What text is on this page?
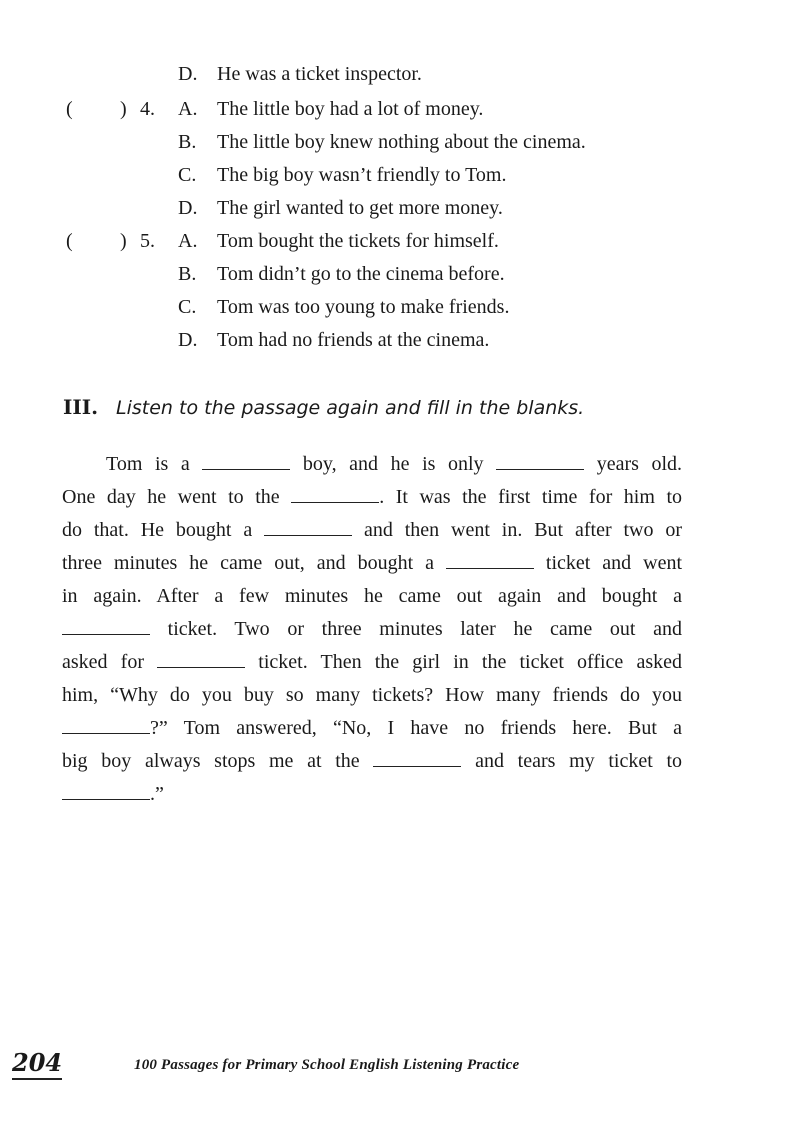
D. He was a ticket inspector.
( ) 4. A. The little boy had a lot of money.
B. The little boy knew nothing about the cinema.
C. The big boy wasn’t friendly to Tom.
D. The girl wanted to get more money.
( ) 5. A. Tom bought the tickets for himself.
B. Tom didn’t go to the cinema before.
C. Tom was too young to make friends.
D. Tom had no friends at the cinema.
III. Listen to the passage again and fill in the blanks.
Tom is a	boy, and he is only	years old.
One day he went to the	. It was the first time for him to
do that. He bought a	and then went in. But after two or
three minutes he came out, and bought a	ticket and went
in again. After a few minutes he came out again and bought a
ticket. Two or three minutes later he came out and
asked for	ticket. Then the girl in the ticket office asked
him, “Why do you buy so many tickets? How many friends do you
?” Tom answered, “No, I have no friends here. But a
big boy always stops me at the	and tears my ticket to
.”
204	100 Passages for Primary School English Listening Practice
